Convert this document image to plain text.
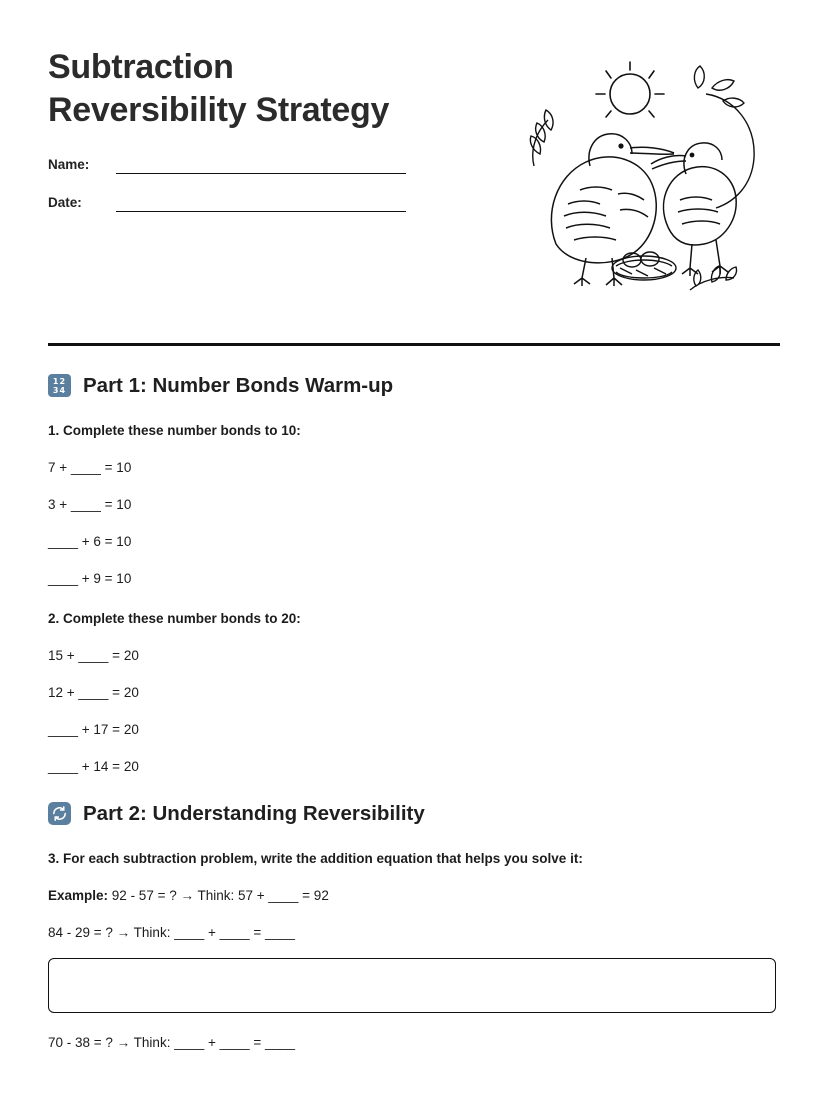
Subtraction
Reversibility Strategy
Name:
Date:
12
34 Part 1: Number Bonds Warm-up
1. Complete these number bonds to 10:
7 + ____ = 10
3 + ____ = 10
____ + 6 = 10
____ + 9 = 10
2. Complete these number bonds to 20:
15 + ____ = 20
12 + ____ = 20
____ + 17 = 20
____ + 14 = 20
Part 2: Understanding Reversibility
3. For each subtraction problem, write the addition equation that helps you solve it:
Example: 92 - 57 = ? → Think: 57 + ____ = 92
84 - 29 = ? → Think: ____ + ____ = ____
70 - 38 = ? → Think: ____ + ____ = ____
